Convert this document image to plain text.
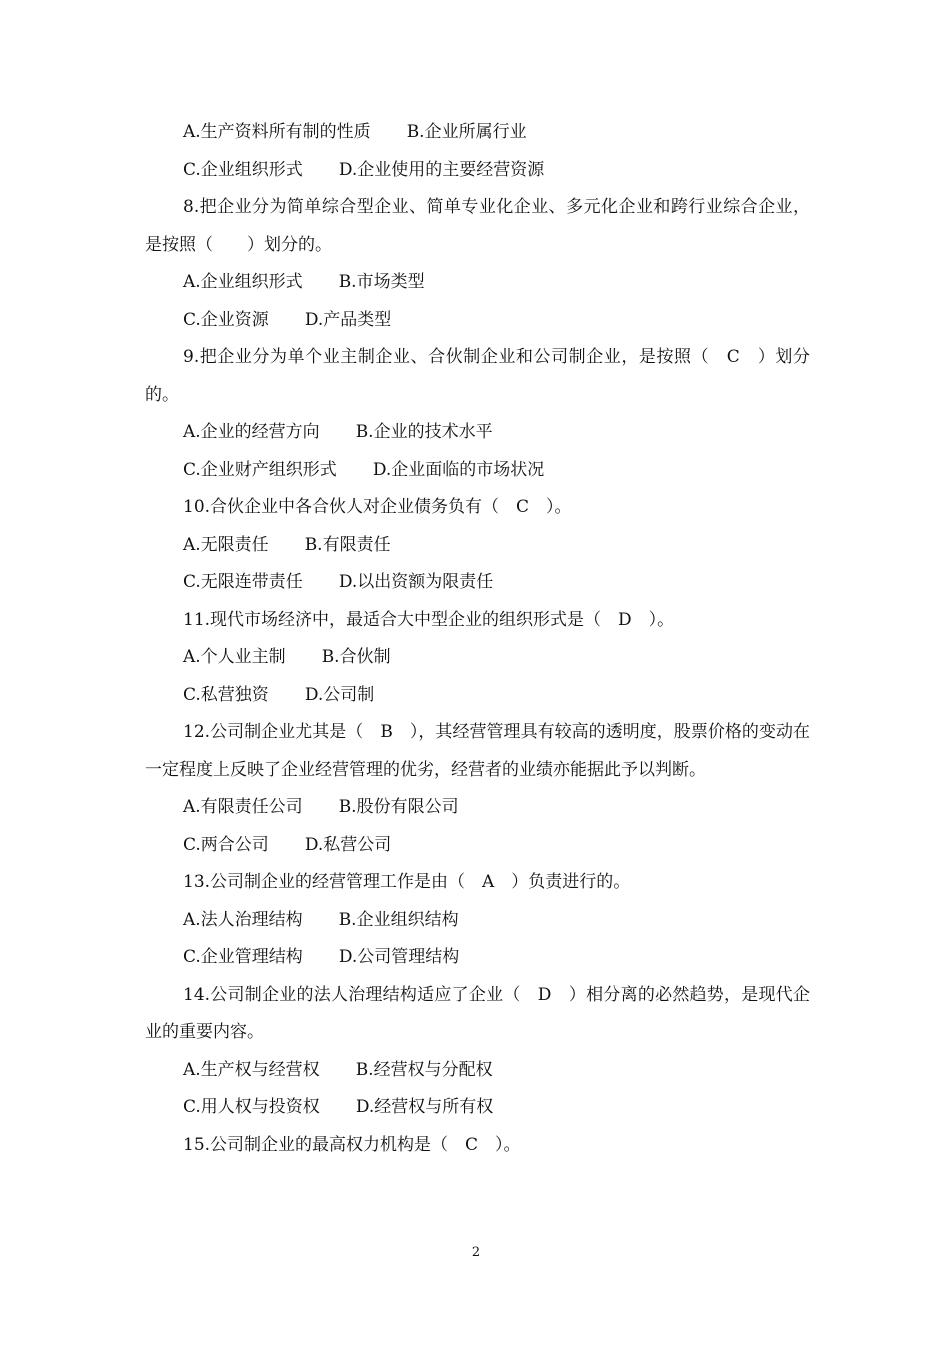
A.生产资料所有制的性质 B.企业所属行业
C.企业组织形式 D.企业使用的主要经营资源
8.把企业分为简单综合型企业、简单专业化企业、多元化企业和跨行业综合企业，是按照（　　）划分的。
A.企业组织形式 B.市场类型
C.企业资源 D.产品类型
9.把企业分为单个业主制企业、合伙制企业和公司制企业，是按照（　C　）划分的。
A.企业的经营方向 B.企业的技术水平
C.企业财产组织形式 D.企业面临的市场状况
10.合伙企业中各合伙人对企业债务负有（　C　）。
A.无限责任 B.有限责任
C.无限连带责任 D.以出资额为限责任
11.现代市场经济中，最适合大中型企业的组织形式是（　D　）。
A.个人业主制 B.合伙制
C.私营独资 D.公司制
12.公司制企业尤其是（　B　），其经营管理具有较高的透明度，股票价格的变动在一定程度上反映了企业经营管理的优劣，经营者的业绩亦能据此予以判断。
A.有限责任公司 B.股份有限公司
C.两合公司 D.私营公司
13.公司制企业的经营管理工作是由（　A　）负责进行的。
A.法人治理结构 B.企业组织结构
C.企业管理结构 D.公司管理结构
14.公司制企业的法人治理结构适应了企业（　D　）相分离的必然趋势，是现代企业的重要内容。
A.生产权与经营权 B.经营权与分配权
C.用人权与投资权 D.经营权与所有权
15.公司制企业的最高权力机构是（　C　）。
2
